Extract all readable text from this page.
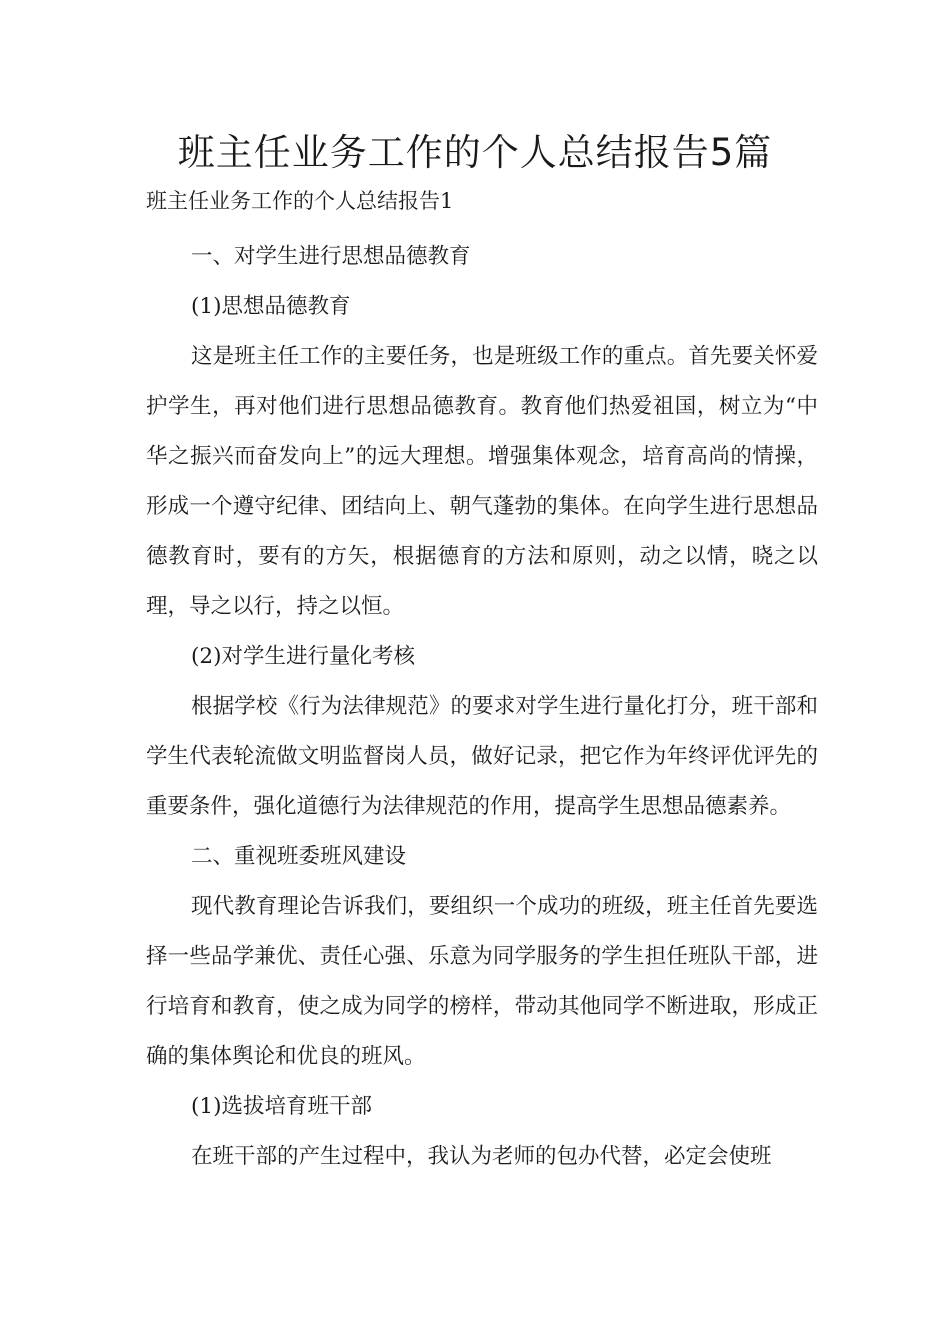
班主任业务工作的个人总结报告5篇
班主任业务工作的个人总结报告1

一、对学生进行思想品德教育

(1)思想品德教育

这是班主任工作的主要任务，也是班级工作的重点。首先要关怀爱护学生，再对他们进行思想品德教育。教育他们热爱祖国，树立为“中华之振兴而奋发向上”的远大理想。增强集体观念，培育高尚的情操，形成一个遵守纪律、团结向上、朝气蓬勃的集体。在向学生进行思想品德教育时，要有的方矢，根据德育的方法和原则，动之以情，晓之以理，导之以行，持之以恒。

(2)对学生进行量化考核

根据学校《行为法律规范》的要求对学生进行量化打分，班干部和学生代表轮流做文明监督岗人员，做好记录，把它作为年终评优评先的重要条件，强化道德行为法律规范的作用，提高学生思想品德素养。

二、重视班委班风建设

现代教育理论告诉我们，要组织一个成功的班级，班主任首先要选择一些品学兼优、责任心强、乐意为同学服务的学生担任班队干部，进行培育和教育，使之成为同学的榜样，带动其他同学不断进取，形成正确的集体舆论和优良的班风。

(1)选拔培育班干部

在班干部的产生过程中，我认为老师的包办代替，必定会使班
